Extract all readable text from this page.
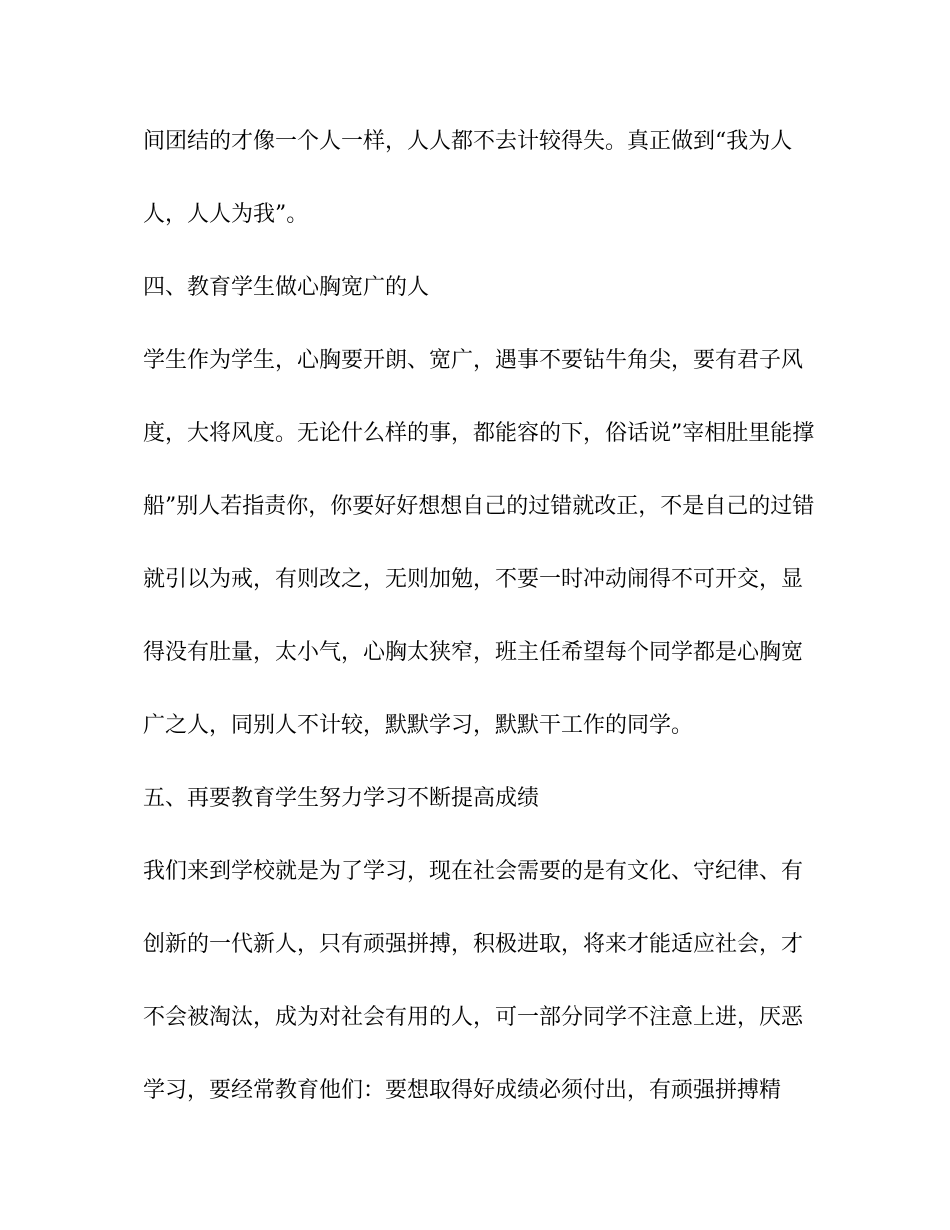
间团结的才像一个人一样，人人都不去计较得失。真正做到“我为人

人，人人为我”。

四、教育学生做心胸宽广的人

学生作为学生，心胸要开朗、宽广，遇事不要钻牛角尖，要有君子风

度，大将风度。无论什么样的事，都能容的下，俗话说”宰相肚里能撑

船”别人若指责你，你要好好想想自己的过错就改正，不是自己的过错

就引以为戒，有则改之，无则加勉，不要一时冲动闹得不可开交，显

得没有肚量，太小气，心胸太狭窄，班主任希望每个同学都是心胸宽

广之人，同别人不计较，默默学习，默默干工作的同学。

五、再要教育学生努力学习不断提高成绩

我们来到学校就是为了学习，现在社会需要的是有文化、守纪律、有

创新的一代新人，只有顽强拼搏，积极进取，将来才能适应社会，才

不会被淘汰，成为对社会有用的人，可一部分同学不注意上进，厌恶

学习，要经常教育他们：要想取得好成绩必须付出，有顽强拼搏精
